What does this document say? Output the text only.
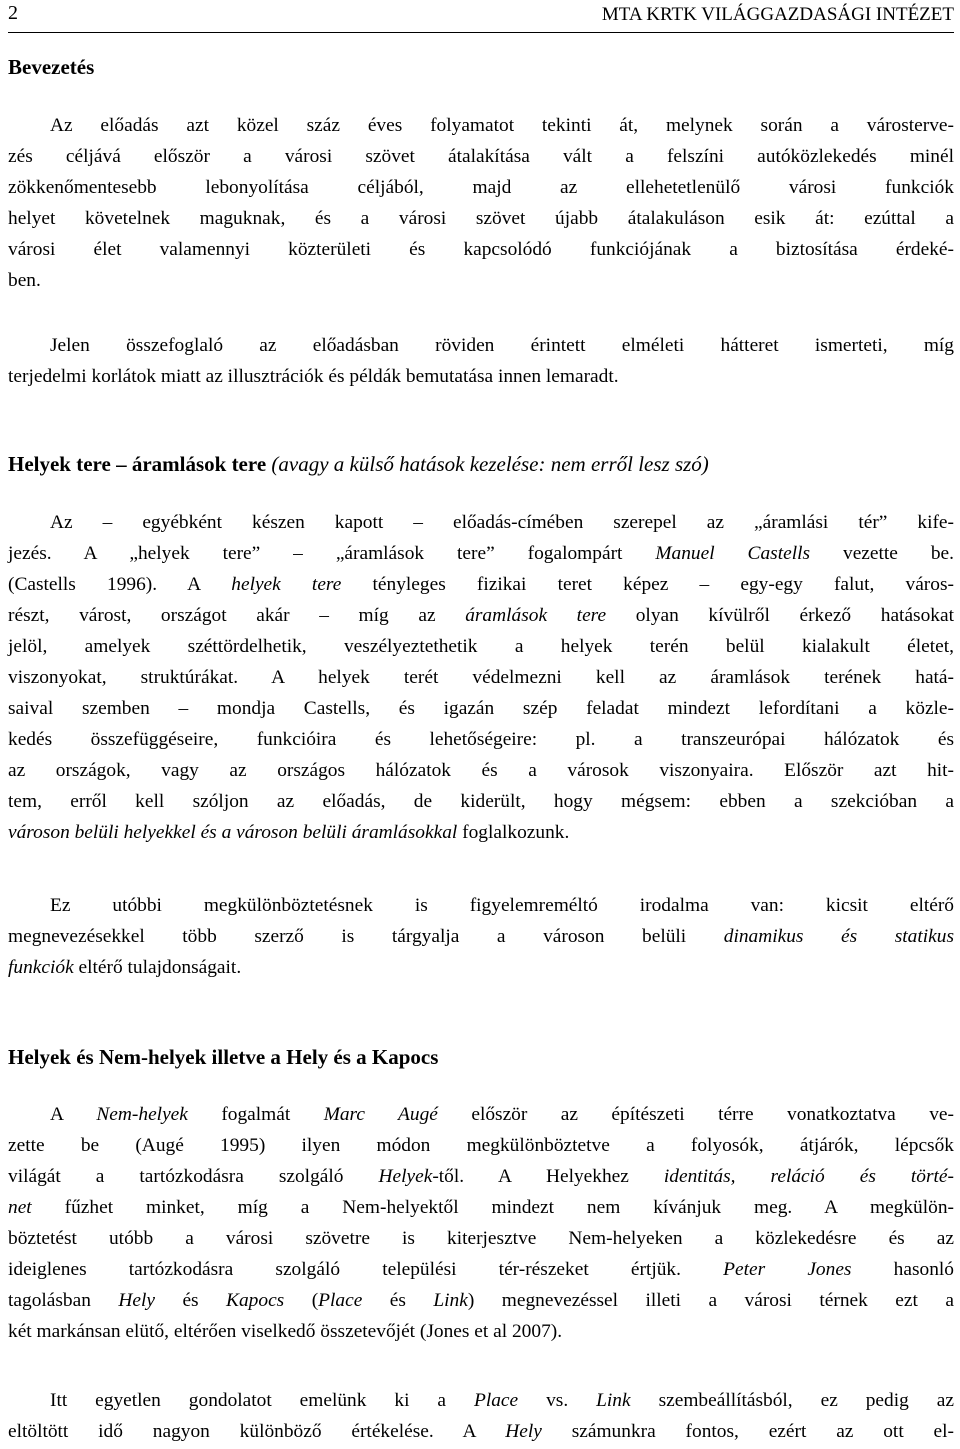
2	MTA KRTK VILÁGGAZDASÁGI INTÉZET
Bevezetés
Az előadás azt közel száz éves folyamatot tekinti át, melynek során a városterve-
zés céljává először a városi szövet átalakítása vált a felszíni autóközlekedés minél
zökkenőmentesebb lebonyolítása céljából, majd az ellehetetlenülő városi funkciók
helyet követelnek maguknak, és a városi szövet újabb átalakuláson esik át: ezúttal a
városi élet valamennyi közterületi és kapcsolódó funkciójának a biztosítása érdeké-
ben.
Jelen összefoglaló az előadásban röviden érintett elméleti hátteret ismerteti, míg
terjedelmi korlátok miatt az illusztrációk és példák bemutatása innen lemaradt.
Helyek tere – áramlások tere (avagy a külső hatások kezelése: nem erről lesz szó)
Az – egyébként készen kapott – előadás-címében szerepel az „áramlási tér” kife-
jezés. A „helyek tere” – „áramlások tere” fogalompárt Manuel Castells vezette be.
(Castells 1996). A helyek tere tényleges fizikai teret képez – egy-egy falut, város-
részt, várost, országot akár – míg az áramlások tere olyan kívülről érkező hatásokat
jelöl, amelyek széttördelhetik, veszélyeztethetik a helyek terén belül kialakult életet,
viszonyokat, struktúrákat. A helyek terét védelmezni kell az áramlások terének hatá-
saival szemben – mondja Castells, és igazán szép feladat mindezt lefordítani a közle-
kedés összefüggéseire, funkcióira és lehetőségeire: pl. a transzeurópai hálózatok és
az országok, vagy az országos hálózatok és a városok viszonyaira. Először azt hit-
tem, erről kell szóljon az előadás, de kiderült, hogy mégsem: ebben a szekcióban a
városon belüli helyekkel és a városon belüli áramlásokkal foglalkozunk.
Ez utóbbi megkülönböztetésnek is figyelemreméltó irodalma van: kicsit eltérő
megnevezésekkel több szerző is tárgyalja a városon belüli dinamikus és statikus
funkciók eltérő tulajdonságait.
Helyek és Nem-helyek illetve a Hely és a Kapocs
A Nem-helyek fogalmát Marc Augé először az építészeti térre vonatkoztatva ve-
zette be (Augé 1995) ilyen módon megkülönböztetve a folyosók, átjárók, lépcsők
világát a tartózkodásra szolgáló Helyek-től. A Helyekhez identitás, reláció és törté-
net fűzhet minket, míg a Nem-helyektől mindezt nem kívánjuk meg. A megkülön-
böztetést utóbb a városi szövetre is kiterjesztve Nem-helyeken a közlekedésre és az
ideiglenes tartózkodásra szolgáló települési tér-részeket értjük. Peter Jones hasonló
tagolásban Hely és Kapocs (Place és Link) megnevezéssel illeti a városi térnek ezt a
két markánsan elütő, eltérően viselkedő összetevőjét (Jones et al 2007).
Itt egyetlen gondolatot emelünk ki a Place vs. Link szembeállításból, ez pedig az
eltöltött idő nagyon különböző értékelése. A Hely számunkra fontos, ezért az ott el-
